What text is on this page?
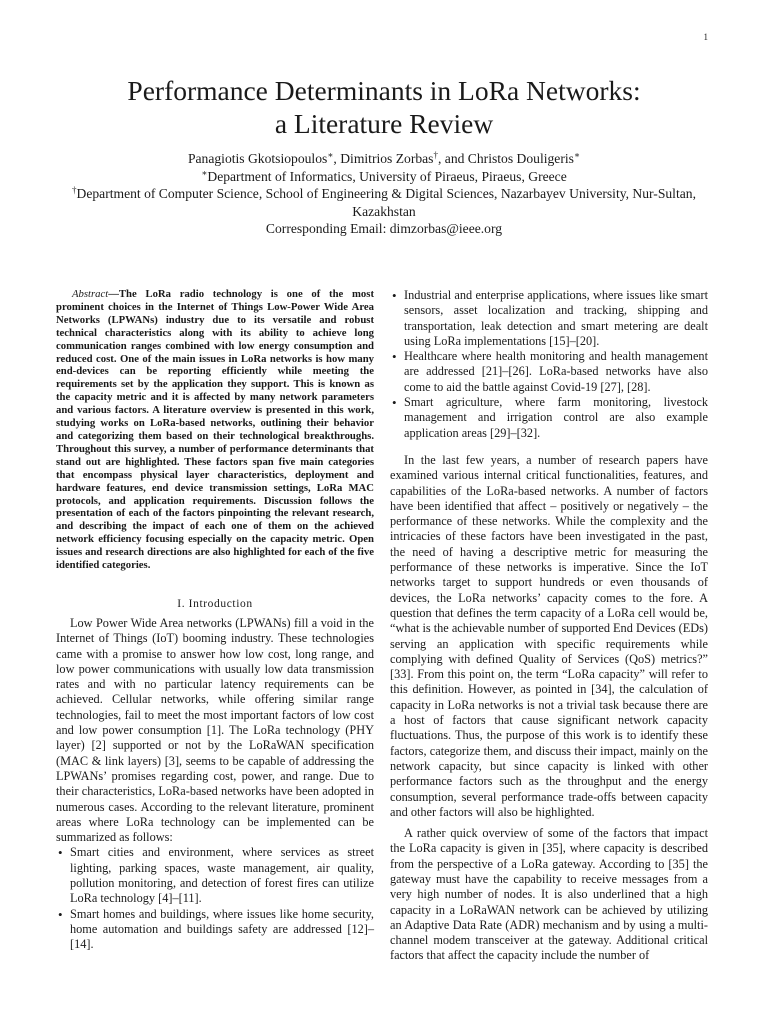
1
Performance Determinants in LoRa Networks:
a Literature Review
Panagiotis Gkotsiopoulos∗, Dimitrios Zorbas†, and Christos Douligeris∗
∗Department of Informatics, University of Piraeus, Piraeus, Greece
†Department of Computer Science, School of Engineering & Digital Sciences, Nazarbayev University, Nur-Sultan,
Kazakhstan
Corresponding Email: dimzorbas@ieee.org

Abstract—The LoRa radio technology is one of the most prominent choices in the Internet of Things Low-Power Wide Area Networks (LPWANs) industry due to its versatile and robust technical characteristics along with its ability to achieve long communication ranges combined with low energy consumption and reduced cost. One of the main issues in LoRa networks is how many end-devices can be reporting efficiently while meeting the requirements set by the application they support. This is known as the capacity metric and it is affected by many network parameters and various factors. A literature overview is presented in this work, studying works on LoRa-based networks, outlining their behavior and categorizing them based on their technological breakthroughs. Throughout this survey, a number of performance determinants that stand out are highlighted. These factors span five main categories that encompass physical layer characteristics, deployment and hardware features, end device transmission settings, LoRa MAC protocols, and application requirements. Discussion follows the presentation of each of the factors pinpointing the relevant research, and describing the impact of each one of them on the achieved network efficiency focusing especially on the capacity metric. Open issues and research directions are also highlighted for each of the five identified categories.

I. Introduction

Low Power Wide Area networks (LPWANs) fill a void in the Internet of Things (IoT) booming industry. These technologies came with a promise to answer how low cost, long range, and low power communications with usually low data transmission rates and with no particular latency requirements can be achieved. Cellular networks, while offering similar range technologies, fail to meet the most important factors of low cost and low power consumption [1]. The LoRa technology (PHY layer) [2] supported or not by the LoRaWAN specification (MAC & link layers) [3], seems to be capable of addressing the LPWANs’ promises regarding cost, power, and range. Due to their characteristics, LoRa-based networks have been adopted in numerous cases. According to the relevant literature, prominent areas where LoRa technology can be implemented can be summarized as follows:

• Smart cities and environment, where services as street lighting, parking spaces, waste management, air quality, pollution monitoring, and detection of forest fires can utilize LoRa technology [4]–[11].
• Smart homes and buildings, where issues like home security, home automation and buildings safety are addressed [12]–[14].
• Industrial and enterprise applications, where issues like smart sensors, asset localization and tracking, shipping and transportation, leak detection and smart metering are dealt using LoRa implementations [15]–[20].
• Healthcare where health monitoring and health management are addressed [21]–[26]. LoRa-based networks have also come to aid the battle against Covid-19 [27], [28].
• Smart agriculture, where farm monitoring, livestock management and irrigation control are also example application areas [29]–[32].

In the last few years, a number of research papers have examined various internal critical functionalities, features, and capabilities of the LoRa-based networks. A number of factors have been identified that affect – positively or negatively – the performance of these networks. While the complexity and the intricacies of these factors have been investigated in the past, the need of having a descriptive metric for measuring the performance of these networks is imperative. Since the IoT networks target to support hundreds or even thousands of devices, the LoRa networks’ capacity comes to the fore. A question that defines the term capacity of a LoRa cell would be, “what is the achievable number of supported End Devices (EDs) serving an application with specific requirements while complying with defined Quality of Services (QoS) metrics?” [33]. From this point on, the term “LoRa capacity” will refer to this definition. However, as pointed in [34], the calculation of capacity in LoRa networks is not a trivial task because there are a host of factors that cause significant network capacity fluctuations. Thus, the purpose of this work is to identify these factors, categorize them, and discuss their impact, mainly on the network capacity, but since capacity is linked with other performance factors such as the throughput and the energy consumption, several performance trade-offs between capacity and other factors will also be highlighted.

A rather quick overview of some of the factors that impact the LoRa capacity is given in [35], where capacity is described from the perspective of a LoRa gateway. According to [35] the gateway must have the capability to receive messages from a very high number of nodes. It is also underlined that a high capacity in a LoRaWAN network can be achieved by utilizing an Adaptive Data Rate (ADR) mechanism and by using a multi-channel modem transceiver at the gateway. Additional critical factors that affect the capacity include the number of
